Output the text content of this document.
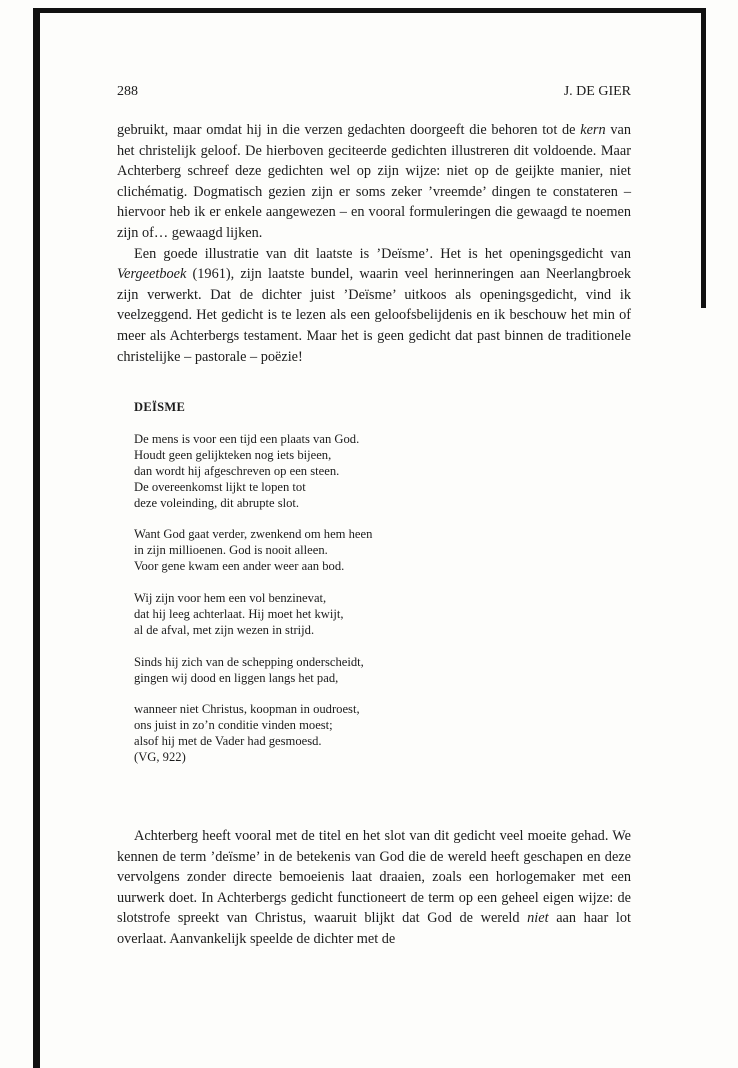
288	J. DE GIER

gebruikt, maar omdat hij in die verzen gedachten doorgeeft die behoren tot de kern van het christelijk geloof. De hierboven geciteerde gedichten illustreren dit voldoende. Maar Achterberg schreef deze gedichten wel op zijn wijze: niet op de geijkte manier, niet clichématig. Dogmatisch gezien zijn er soms zeker ’vreemde’ dingen te constateren – hiervoor heb ik er enkele aangewezen – en vooral formuleringen die gewaagd te noemen zijn of… gewaagd lijken.

Een goede illustratie van dit laatste is ’Deïsme’. Het is het openingsgedicht van Vergeetboek (1961), zijn laatste bundel, waarin veel herinneringen aan Neerlangbroek zijn verwerkt. Dat de dichter juist ’Deïsme’ uitkoos als openingsgedicht, vind ik veelzeggend. Het gedicht is te lezen als een geloofsbelijdenis en ik beschouw het min of meer als Achterbergs testament. Maar het is geen gedicht dat past binnen de traditionele christelijke – pastorale – poëzie!

DEÏSME
De mens is voor een tijd een plaats van God.
Houdt geen gelijkteken nog iets bijeen,
dan wordt hij afgeschreven op een steen.
De overeenkomst lijkt te lopen tot
deze voleinding, dit abrupte slot.
Want God gaat verder, zwenkend om hem heen
in zijn millioenen. God is nooit alleen.
Voor gene kwam een ander weer aan bod.
Wij zijn voor hem een vol benzinevat,
dat hij leeg achterlaat. Hij moet het kwijt,
al de afval, met zijn wezen in strijd.
Sinds hij zich van de schepping onderscheidt,
gingen wij dood en liggen langs het pad,
wanneer niet Christus, koopman in oudroest,
ons juist in zo’n conditie vinden moest;
alsof hij met de Vader had gesmoesd.
(VG, 922)

Achterberg heeft vooral met de titel en het slot van dit gedicht veel moeite gehad. We kennen de term ’deïsme’ in de betekenis van God die de wereld heeft geschapen en deze vervolgens zonder directe bemoeienis laat draaien, zoals een horlogemaker met een uurwerk doet. In Achterbergs gedicht functioneert de term op een geheel eigen wijze: de slotstrofe spreekt van Christus, waaruit blijkt dat God de wereld niet aan haar lot overlaat. Aanvankelijk speelde de dichter met de
